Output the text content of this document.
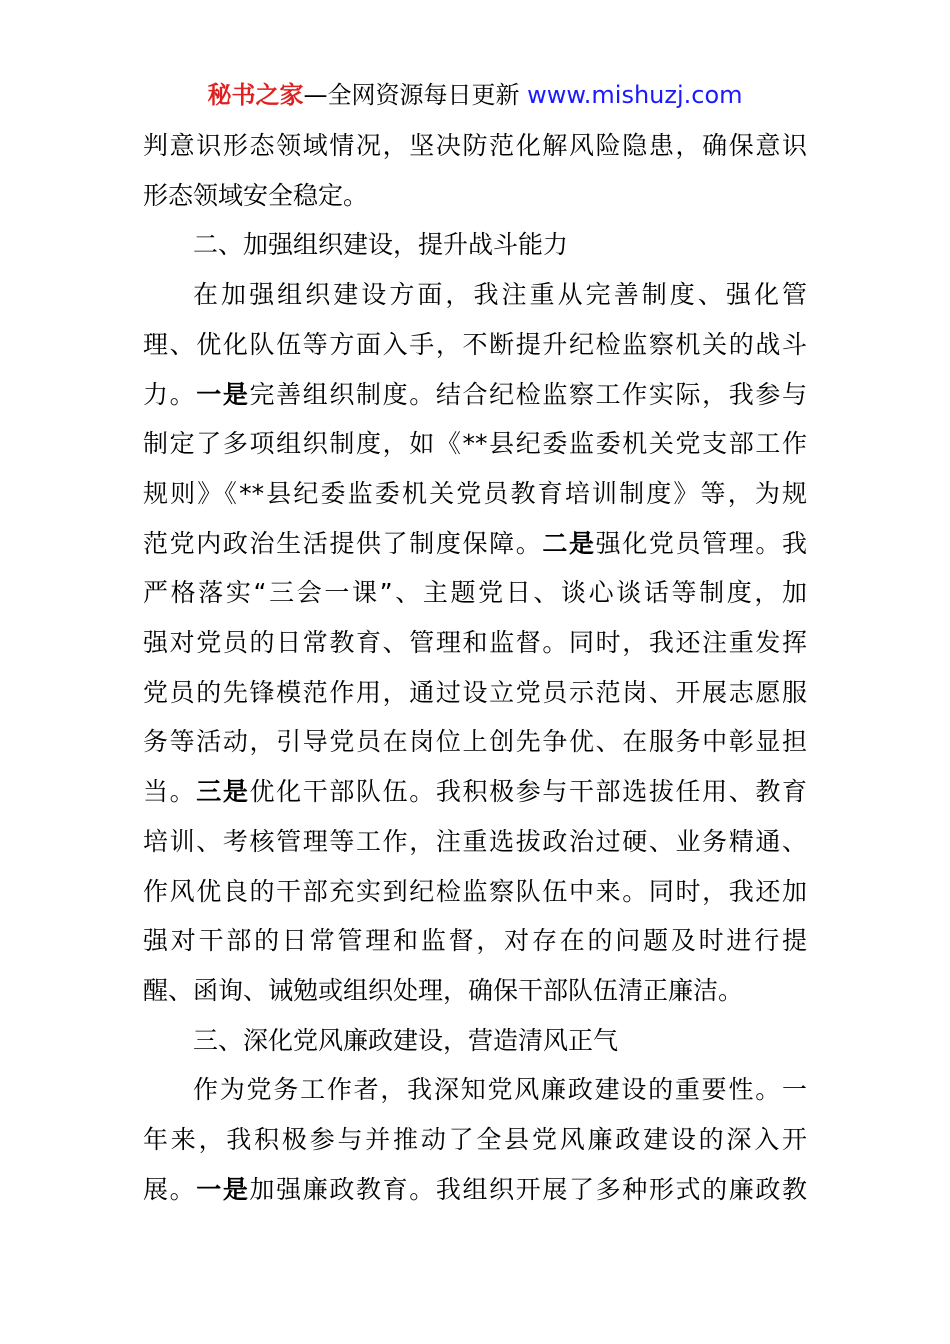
秘书之家—全网资源每日更新 www.mishuzj.com

判意识形态领域情况，坚决防范化解风险隐患，确保意识
形态领域安全稳定。

二、加强组织建设，提升战斗能力

在加强组织建设方面，我注重从完善制度、强化管
理、优化队伍等方面入手，不断提升纪检监察机关的战斗
力。一是完善组织制度。结合纪检监察工作实际，我参与
制定了多项组织制度，如《**县纪委监委机关党支部工作
规则》《**县纪委监委机关党员教育培训制度》等，为规
范党内政治生活提供了制度保障。二是强化党员管理。我
严格落实“三会一课”、主题党日、谈心谈话等制度，加
强对党员的日常教育、管理和监督。同时，我还注重发挥
党员的先锋模范作用，通过设立党员示范岗、开展志愿服
务等活动，引导党员在岗位上创先争优、在服务中彰显担
当。三是优化干部队伍。我积极参与干部选拔任用、教育
培训、考核管理等工作，注重选拔政治过硬、业务精通、
作风优良的干部充实到纪检监察队伍中来。同时，我还加
强对干部的日常管理和监督，对存在的问题及时进行提
醒、函询、诫勉或组织处理，确保干部队伍清正廉洁。

三、深化党风廉政建设，营造清风正气

作为党务工作者，我深知党风廉政建设的重要性。一
年来，我积极参与并推动了全县党风廉政建设的深入开
展。一是加强廉政教育。我组织开展了多种形式的廉政教
